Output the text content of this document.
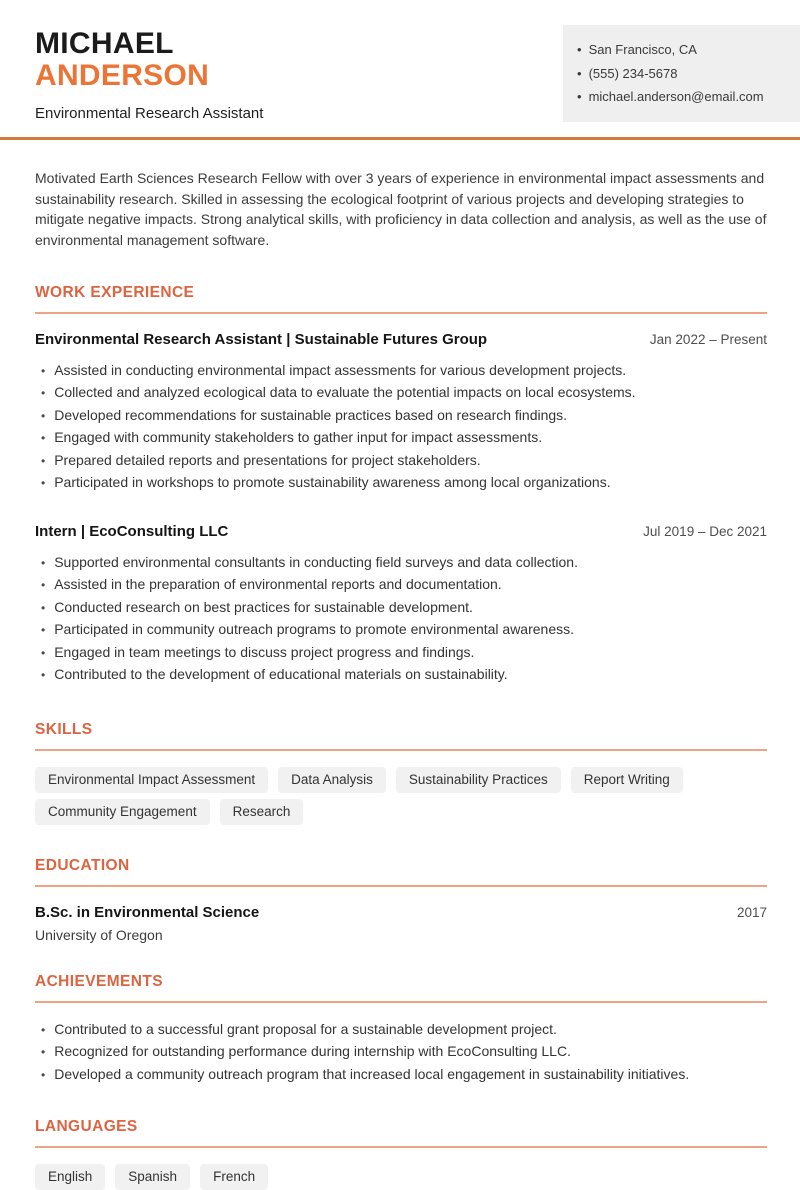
MICHAEL
ANDERSON
Environmental Research Assistant
• San Francisco, CA
• (555) 234-5678
• michael.anderson@email.com

Motivated Earth Sciences Research Fellow with over 3 years of experience in environmental impact assessments and sustainability research. Skilled in assessing the ecological footprint of various projects and developing strategies to mitigate negative impacts. Strong analytical skills, with proficiency in data collection and analysis, as well as the use of environmental management software.

WORK EXPERIENCE
Environmental Research Assistant | Sustainable Futures Group	Jan 2022 – Present
• Assisted in conducting environmental impact assessments for various development projects.
• Collected and analyzed ecological data to evaluate the potential impacts on local ecosystems.
• Developed recommendations for sustainable practices based on research findings.
• Engaged with community stakeholders to gather input for impact assessments.
• Prepared detailed reports and presentations for project stakeholders.
• Participated in workshops to promote sustainability awareness among local organizations.
Intern | EcoConsulting LLC	Jul 2019 – Dec 2021
• Supported environmental consultants in conducting field surveys and data collection.
• Assisted in the preparation of environmental reports and documentation.
• Conducted research on best practices for sustainable development.
• Participated in community outreach programs to promote environmental awareness.
• Engaged in team meetings to discuss project progress and findings.
• Contributed to the development of educational materials on sustainability.
SKILLS
Environmental Impact Assessment	Data Analysis	Sustainability Practices	Report Writing
Community Engagement	Research
EDUCATION
B.Sc. in Environmental Science	2017
University of Oregon
ACHIEVEMENTS
• Contributed to a successful grant proposal for a sustainable development project.
• Recognized for outstanding performance during internship with EcoConsulting LLC.
• Developed a community outreach program that increased local engagement in sustainability initiatives.
LANGUAGES
English	Spanish	French
